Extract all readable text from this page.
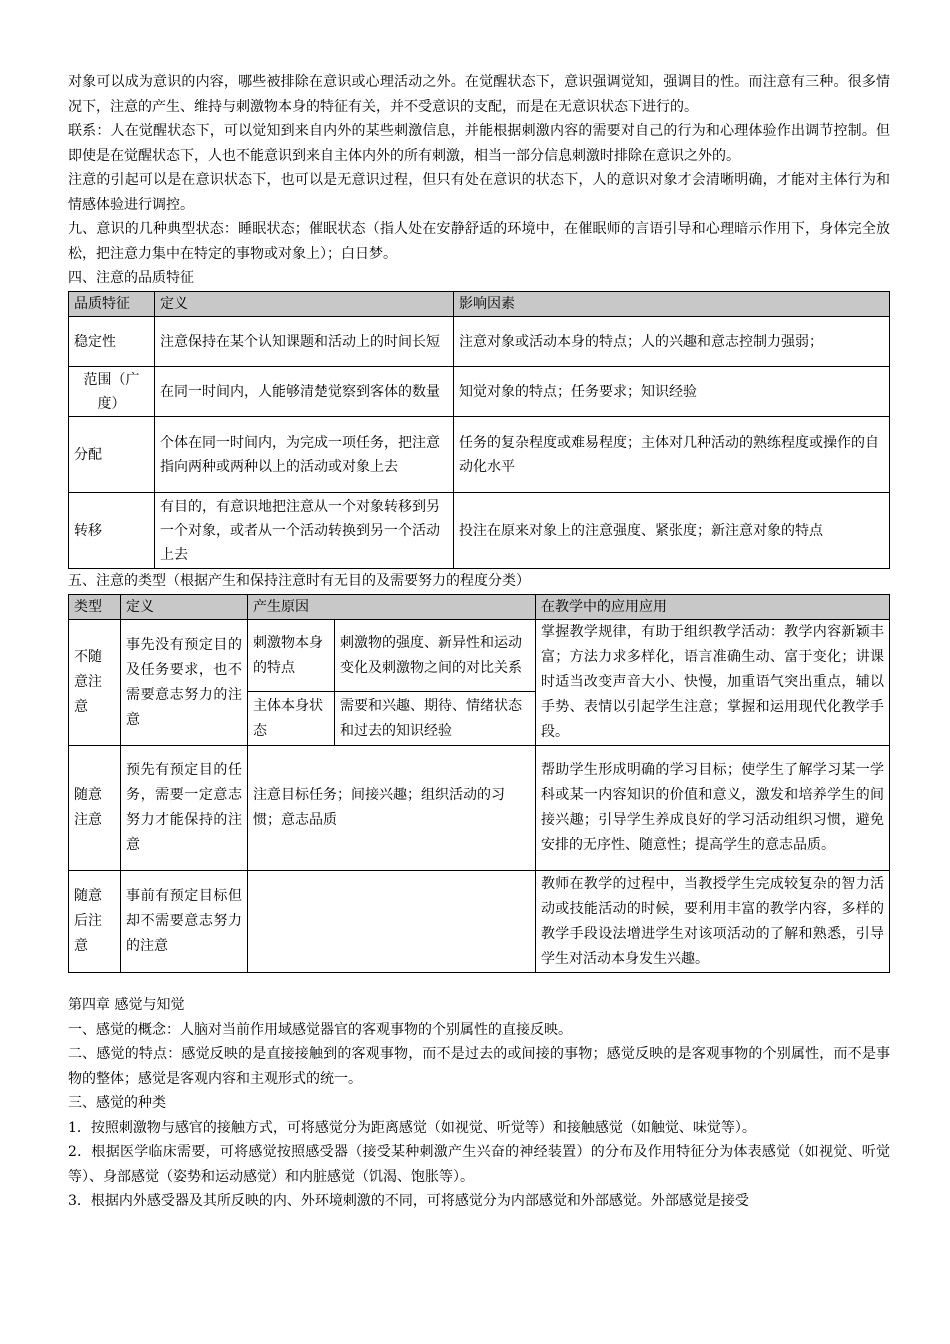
对象可以成为意识的内容，哪些被排除在意识或心理活动之外。在觉醒状态下，意识强调觉知，强调目的性。而注意有三种。很多情况下，注意的产生、维持与刺激物本身的特征有关，并不受意识的支配，而是在无意识状态下进行的。

联系：人在觉醒状态下，可以觉知到来自内外的某些刺激信息，并能根据刺激内容的需要对自己的行为和心理体验作出调节控制。但即使是在觉醒状态下，人也不能意识到来自主体内外的所有刺激，相当一部分信息刺激时排除在意识之外的。

注意的引起可以是在意识状态下，也可以是无意识过程，但只有处在意识的状态下，人的意识对象才会清晰明确，才能对主体行为和情感体验进行调控。

九、意识的几种典型状态：睡眠状态；催眠状态（指人处在安静舒适的环境中，在催眠师的言语引导和心理暗示作用下，身体完全放松，把注意力集中在特定的事物或对象上）；白日梦。

四、注意的品质特征

品质特征	定义	影响因素
稳定性	注意保持在某个认知课题和活动上的时间长短	注意对象或活动本身的特点；人的兴趣和意志控制力强弱；
范围（广度）	在同一时间内，人能够清楚觉察到客体的数量	知觉对象的特点；任务要求；知识经验
分配	个体在同一时间内，为完成一项任务，把注意指向两种或两种以上的活动或对象上去	任务的复杂程度或难易程度；主体对几种活动的熟练程度或操作的自动化水平
转移	有目的，有意识地把注意从一个对象转移到另一个对象，或者从一个活动转换到另一个活动上去	投注在原来对象上的注意强度、紧张度；新注意对象的特点

五、注意的类型（根据产生和保持注意时有无目的及需要努力的程度分类）

类型	定义	产生原因		在教学中的应用应用
不随意注意	事先没有预定目的及任务要求，也不需要意志努力的注意	刺激物本身的特点	刺激物的强度、新异性和运动变化及刺激物之间的对比关系	掌握教学规律，有助于组织教学活动：教学内容新颖丰富；方法力求多样化，语言准确生动、富于变化；讲课时适当改变声音大小、快慢，加重语气突出重点，辅以手势、表情以引起学生注意；掌握和运用现代化教学手段。
		主体本身状态	需要和兴趣、期待、情绪状态和过去的知识经验	
随意注意	预先有预定目的任务，需要一定意志努力才能保持的注意	注意目标任务；间接兴趣；组织活动的习惯；意志品质		帮助学生形成明确的学习目标；使学生了解学习某一学科或某一内容知识的价值和意义，激发和培养学生的间接兴趣；引导学生养成良好的学习活动组织习惯，避免安排的无序性、随意性；提高学生的意志品质。
随意后注意	事前有预定目标但却不需要意志努力的注意			教师在教学的过程中，当教授学生完成较复杂的智力活动或技能活动的时候，要利用丰富的教学内容，多样的教学手段设法增进学生对该项活动的了解和熟悉，引导学生对活动本身发生兴趣。

第四章 感觉与知觉

一、感觉的概念：人脑对当前作用域感觉器官的客观事物的个别属性的直接反映。

二、感觉的特点：感觉反映的是直接接触到的客观事物，而不是过去的或间接的事物；感觉反映的是客观事物的个别属性，而不是事物的整体；感觉是客观内容和主观形式的统一。

三、感觉的种类

1．按照刺激物与感官的接触方式，可将感觉分为距离感觉（如视觉、听觉等）和接触感觉（如触觉、味觉等）。

2．根据医学临床需要，可将感觉按照感受器（接受某种刺激产生兴奋的神经装置）的分布及作用特征分为体表感觉（如视觉、听觉等）、身部感觉（姿势和运动感觉）和内脏感觉（饥渴、饱胀等）。

3．根据内外感受器及其所反映的内、外环境刺激的不同，可将感觉分为内部感觉和外部感觉。外部感觉是接受
